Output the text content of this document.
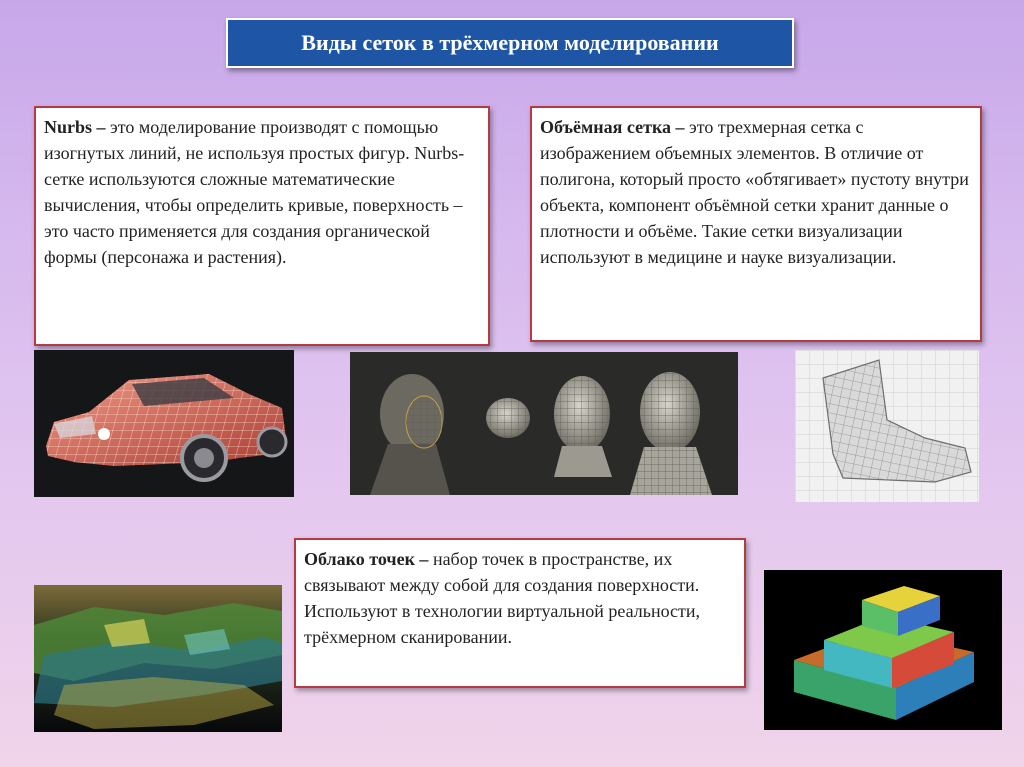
Виды сеток в трёхмерном моделировании
Nurbs – это моделирование производят с помощью изогнутых линий, не используя простых фигур. Nurbs-сетке используются сложные математические вычисления, чтобы определить кривые, поверхность – это часто применяется для создания органической формы (персонажа и растения).
Объёмная сетка – это трехмерная сетка с изображением объемных элементов. В отличие от полигона, который просто «обтягивает» пустоту внутри объекта, компонент объёмной сетки хранит данные о плотности и объёме. Такие сетки визуализации используют в медицине и науке визуализации.
Облако точек – набор точек в пространстве, их связывают между собой для создания поверхности. Используют в технологии виртуальной реальности, трёхмерном сканировании.
